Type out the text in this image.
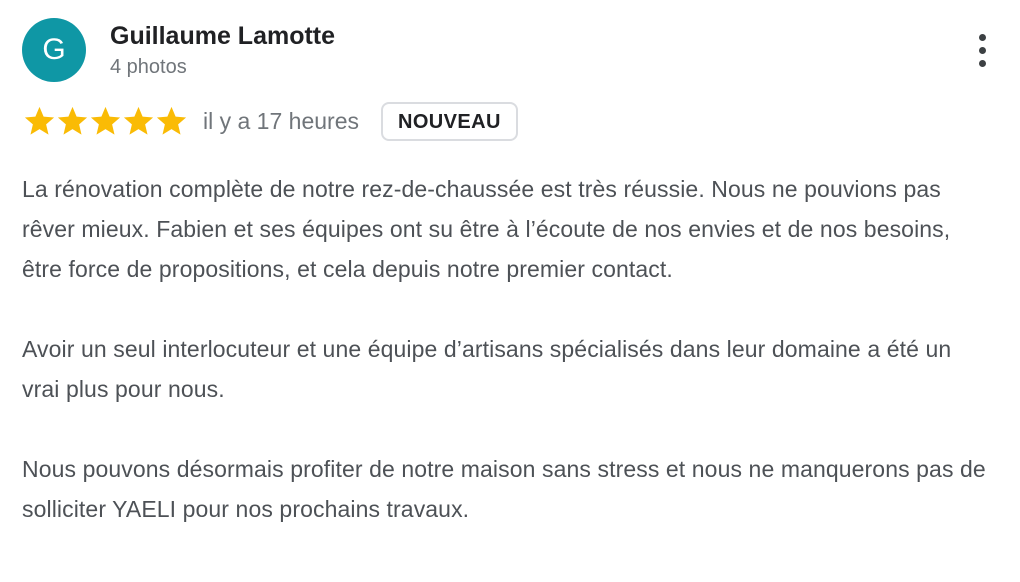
G Guillaume Lamotte
4 photos
il y a 17 heures	NOUVEAU

La rénovation complète de notre rez-de-chaussée est très réussie. Nous ne pouvions pas rêver mieux. Fabien et ses équipes ont su être à l’écoute de nos envies et de nos besoins, être force de propositions, et cela depuis notre premier contact.

Avoir un seul interlocuteur et une équipe d’artisans spécialisés dans leur domaine a été un vrai plus pour nous.

Nous pouvons désormais profiter de notre maison sans stress et nous ne manquerons pas de solliciter YAELI pour nos prochains travaux.
